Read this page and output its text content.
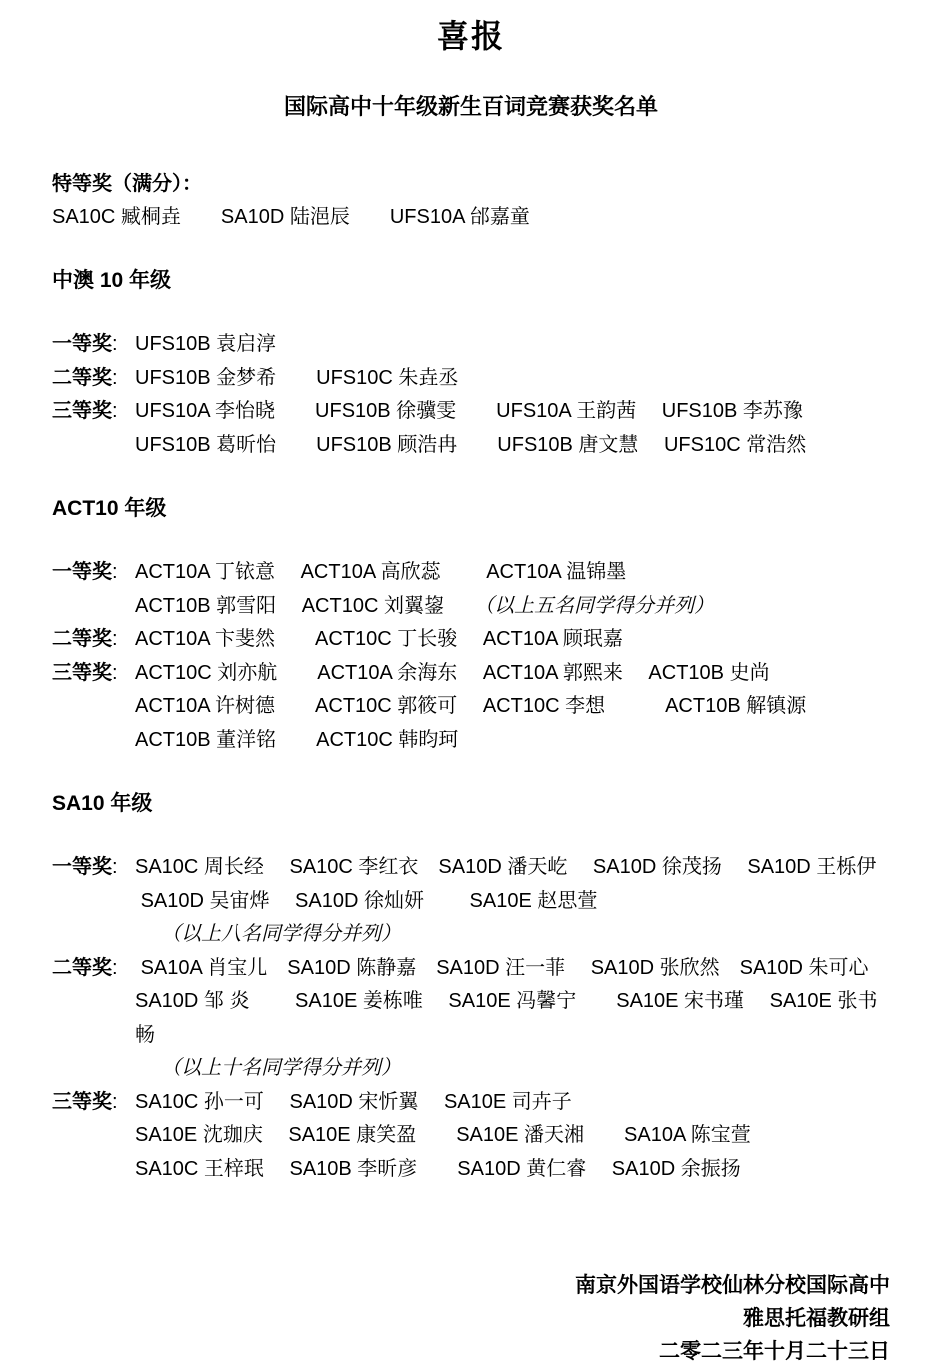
喜报
国际高中十年级新生百词竞赛获奖名单

特等奖（满分）：

SA10C 臧桐垚　　SA10D 陆浥辰　　UFS10A 邰嘉童

中澳 10 年级
一等奖: UFS10B 袁启淳
二等奖: UFS10B 金梦希　　UFS10C 朱垚丞
三等奖: UFS10A 李怡晓　　UFS10B 徐骥雯　　UFS10A 王韵茜　 UFS10B 李苏豫
UFS10B 葛昕怡　　UFS10B 顾浩冉　　UFS10B 唐文慧　 UFS10C 常浩然
ACT10 年级
一等奖: ACT10A 丁铱意　 ACT10A 高欣蕊　　 ACT10A 温锦墨
ACT10B 郭雪阳　 ACT10C 刘翼鋆 （以上五名同学得分并列）
二等奖: ACT10A 卞斐然　　ACT10C 丁长骏　 ACT10A 顾珉嘉
三等奖: ACT10C 刘亦航　　ACT10A 余海东　 ACT10A 郭熙来　 ACT10B 史尚
ACT10A 许树德　　ACT10C 郭筱可　 ACT10C 李想　　　ACT10B 解镇源
ACT10B 董洋铭　　ACT10C 韩昀珂
SA10 年级
一等奖: SA10C 周长经　 SA10C 李红衣　SA10D 潘天屹　 SA10D 徐茂扬　 SA10D 王栎伊
SA10D 吴宙烨　 SA10D 徐灿妍　　 SA10E 赵思萱
（以上八名同学得分并列）
二等奖: SA10A 肖宝儿　SA10D 陈静嘉　SA10D 汪一菲　 SA10D 张欣然　SA10D 朱可心
SA10D 邹 炎　　 SA10E 姜栋唯　 SA10E 冯馨宁　　SA10E 宋书瑾　 SA10E 张书畅
（以上十名同学得分并列）
三等奖: SA10C 孙一可　 SA10D 宋忻翼　 SA10E 司卉子
SA10E 沈珈庆　 SA10E 康笑盈　　SA10E 潘天湘　　SA10A 陈宝萱
SA10C 王梓珉　 SA10B 李昕彦　　SA10D 黄仁睿　 SA10D 余振扬
南京外国语学校仙林分校国际高中
雅思托福教研组
二零二三年十月二十三日
